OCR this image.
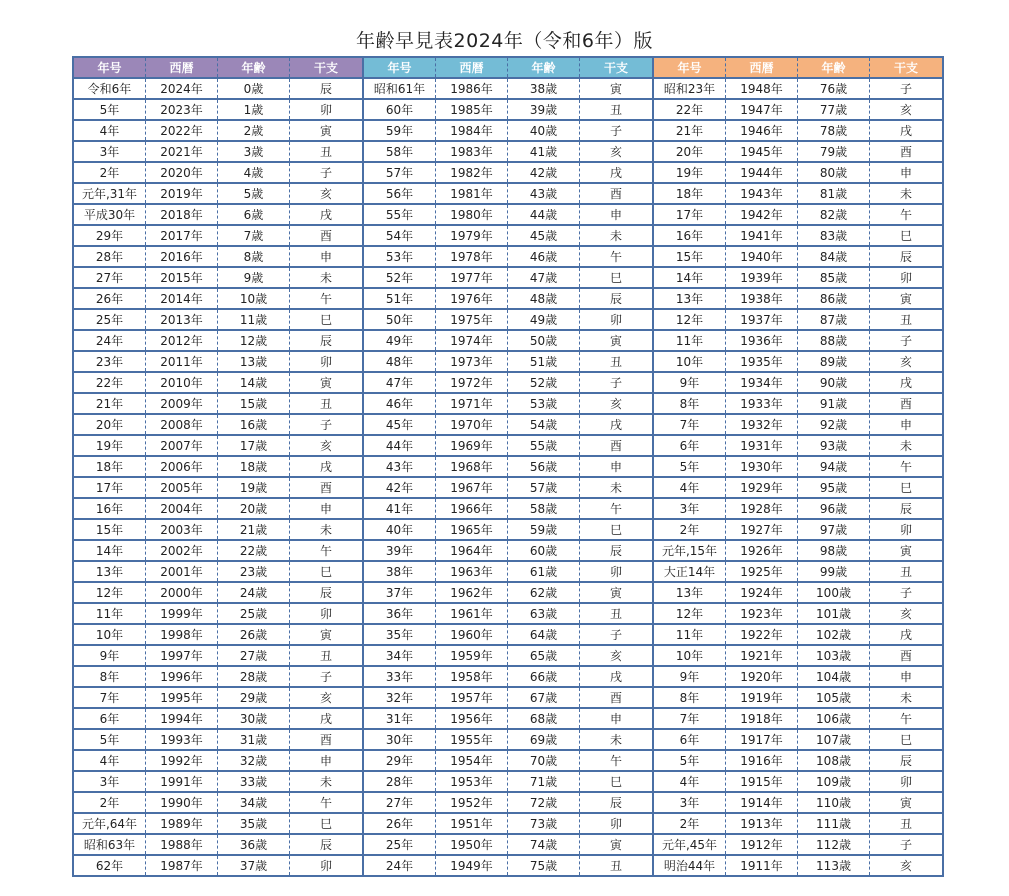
年齢早見表2024年（令和6年）版
年号	西暦	年齢	干支
令和6年	2024年	0歳	辰
5年	2023年	1歳	卯
4年	2022年	2歳	寅
3年	2021年	3歳	丑
2年	2020年	4歳	子
元年,31年	2019年	5歳	亥
平成30年	2018年	6歳	戌
29年	2017年	7歳	酉
28年	2016年	8歳	申
27年	2015年	9歳	未
26年	2014年	10歳	午
25年	2013年	11歳	巳
24年	2012年	12歳	辰
23年	2011年	13歳	卯
22年	2010年	14歳	寅
21年	2009年	15歳	丑
20年	2008年	16歳	子
19年	2007年	17歳	亥
18年	2006年	18歳	戌
17年	2005年	19歳	酉
16年	2004年	20歳	申
15年	2003年	21歳	未
14年	2002年	22歳	午
13年	2001年	23歳	巳
12年	2000年	24歳	辰
11年	1999年	25歳	卯
10年	1998年	26歳	寅
9年	1997年	27歳	丑
8年	1996年	28歳	子
7年	1995年	29歳	亥
6年	1994年	30歳	戌
5年	1993年	31歳	酉
4年	1992年	32歳	申
3年	1991年	33歳	未
2年	1990年	34歳	午
元年,64年	1989年	35歳	巳
昭和63年	1988年	36歳	辰
62年	1987年	37歳	卯
年号	西暦	年齢	干支
昭和61年	1986年	38歳	寅
60年	1985年	39歳	丑
59年	1984年	40歳	子
58年	1983年	41歳	亥
57年	1982年	42歳	戌
56年	1981年	43歳	酉
55年	1980年	44歳	申
54年	1979年	45歳	未
53年	1978年	46歳	午
52年	1977年	47歳	巳
51年	1976年	48歳	辰
50年	1975年	49歳	卯
49年	1974年	50歳	寅
48年	1973年	51歳	丑
47年	1972年	52歳	子
46年	1971年	53歳	亥
45年	1970年	54歳	戌
44年	1969年	55歳	酉
43年	1968年	56歳	申
42年	1967年	57歳	未
41年	1966年	58歳	午
40年	1965年	59歳	巳
39年	1964年	60歳	辰
38年	1963年	61歳	卯
37年	1962年	62歳	寅
36年	1961年	63歳	丑
35年	1960年	64歳	子
34年	1959年	65歳	亥
33年	1958年	66歳	戌
32年	1957年	67歳	酉
31年	1956年	68歳	申
30年	1955年	69歳	未
29年	1954年	70歳	午
28年	1953年	71歳	巳
27年	1952年	72歳	辰
26年	1951年	73歳	卯
25年	1950年	74歳	寅
24年	1949年	75歳	丑
年号	西暦	年齢	干支
昭和23年	1948年	76歳	子
22年	1947年	77歳	亥
21年	1946年	78歳	戌
20年	1945年	79歳	酉
19年	1944年	80歳	申
18年	1943年	81歳	未
17年	1942年	82歳	午
16年	1941年	83歳	巳
15年	1940年	84歳	辰
14年	1939年	85歳	卯
13年	1938年	86歳	寅
12年	1937年	87歳	丑
11年	1936年	88歳	子
10年	1935年	89歳	亥
9年	1934年	90歳	戌
8年	1933年	91歳	酉
7年	1932年	92歳	申
6年	1931年	93歳	未
5年	1930年	94歳	午
4年	1929年	95歳	巳
3年	1928年	96歳	辰
2年	1927年	97歳	卯
元年,15年	1926年	98歳	寅
大正14年	1925年	99歳	丑
13年	1924年	100歳	子
12年	1923年	101歳	亥
11年	1922年	102歳	戌
10年	1921年	103歳	酉
9年	1920年	104歳	申
8年	1919年	105歳	未
7年	1918年	106歳	午
6年	1917年	107歳	巳
5年	1916年	108歳	辰
4年	1915年	109歳	卯
3年	1914年	110歳	寅
2年	1913年	111歳	丑
元年,45年	1912年	112歳	子
明治44年	1911年	113歳	亥
